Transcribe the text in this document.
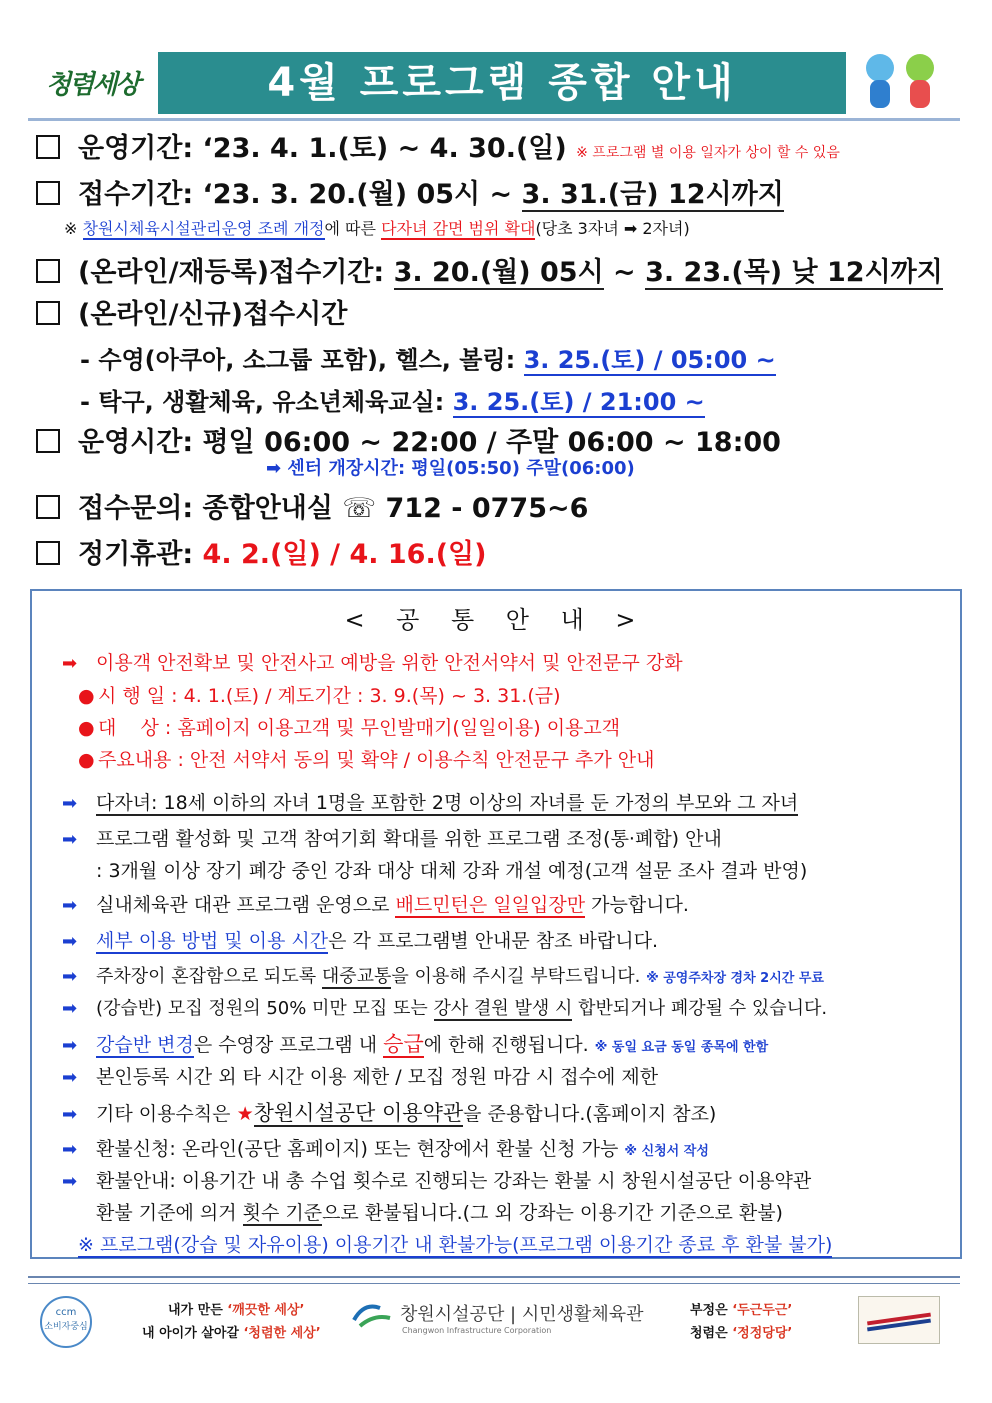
청렴세상	4월 프로그램 종합 안내
운영기간: ‘23. 4. 1.(토) ~ 4. 30.(일) ※ 프로그램 별 이용 일자가 상이 할 수 있음
접수기간: ‘23. 3. 20.(월) 05시 ~ 3. 31.(금) 12시까지
※ 창원시체육시설관리운영 조례 개정에 따른 다자녀 감면 범위 확대(당초 3자녀 ➡ 2자녀)
(온라인/재등록)접수기간: 3. 20.(월) 05시 ~ 3. 23.(목) 낮 12시까지
(온라인/신규)접수시간
- 수영(아쿠아, 소그룹 포함), 헬스, 볼링: 3. 25.(토) / 05:00 ~
- 탁구, 생활체육, 유소년체육교실: 3. 25.(토) / 21:00 ~
운영시간: 평일 06:00 ~ 22:00 / 주말 06:00 ~ 18:00
➡ 센터 개장시간: 평일(05:50) 주말(06:00)
접수문의: 종합안내실 ☏ 712 - 0775~6
정기휴관: 4. 2.(일) / 4. 16.(일)
< 공 통 안 내 >
➡ 이용객 안전확보 및 안전사고 예방을 위한 안전서약서 및 안전문구 강화
● 시 행 일 : 4. 1.(토) / 계도기간 : 3. 9.(목) ~ 3. 31.(금)
● 대    상 : 홈페이지 이용고객 및 무인발매기(일일이용) 이용고객
● 주요내용 : 안전 서약서 동의 및 확약 / 이용수칙 안전문구 추가 안내
➡ 다자녀: 18세 이하의 자녀 1명을 포함한 2명 이상의 자녀를 둔 가정의 부모와 그 자녀
➡ 프로그램 활성화 및 고객 참여기회 확대를 위한 프로그램 조정(통·폐합) 안내
: 3개월 이상 장기 폐강 중인 강좌 대상 대체 강좌 개설 예정(고객 설문 조사 결과 반영)
➡ 실내체육관 대관 프로그램 운영으로 배드민턴은 일일입장만 가능합니다.
➡ 세부 이용 방법 및 이용 시간은 각 프로그램별 안내문 참조 바랍니다.
➡ 주차장이 혼잡함으로 되도록 대중교통을 이용해 주시길 부탁드립니다. ※ 공영주차장 경차 2시간 무료
➡ (강습반) 모집 정원의 50% 미만 모집 또는 강사 결원 발생 시 합반되거나 폐강될 수 있습니다.
➡ 강습반 변경은 수영장 프로그램 내 승급에 한해 진행됩니다. ※ 동일 요금 동일 종목에 한함
➡ 본인등록 시간 외 타 시간 이용 제한 / 모집 정원 마감 시 접수에 제한
➡ 기타 이용수칙은 ★창원시설공단 이용약관을 준용합니다.(홈페이지 참조)
➡ 환불신청: 온라인(공단 홈페이지) 또는 현장에서 환불 신청 가능 ※ 신청서 작성
➡ 환불안내: 이용기간 내 총 수업 횟수로 진행되는 강좌는 환불 시 창원시설공단 이용약관
환불 기준에 의거 횟수 기준으로 환불됩니다.(그 외 강좌는 이용기간 기준으로 환불)
※ 프로그램(강습 및 자유이용) 이용기간 내 환불가능(프로그램 이용기간 종료 후 환불 불가)
ccm
소비자중심
내가 만든 ‘깨끗한 세상’
내 아이가 살아갈 ‘청렴한 세상’
창원시설공단 | 시민생활체육관
Changwon Infrastructure Corporation
부정은 ‘두근두근’
청렴은 ‘정정당당’
